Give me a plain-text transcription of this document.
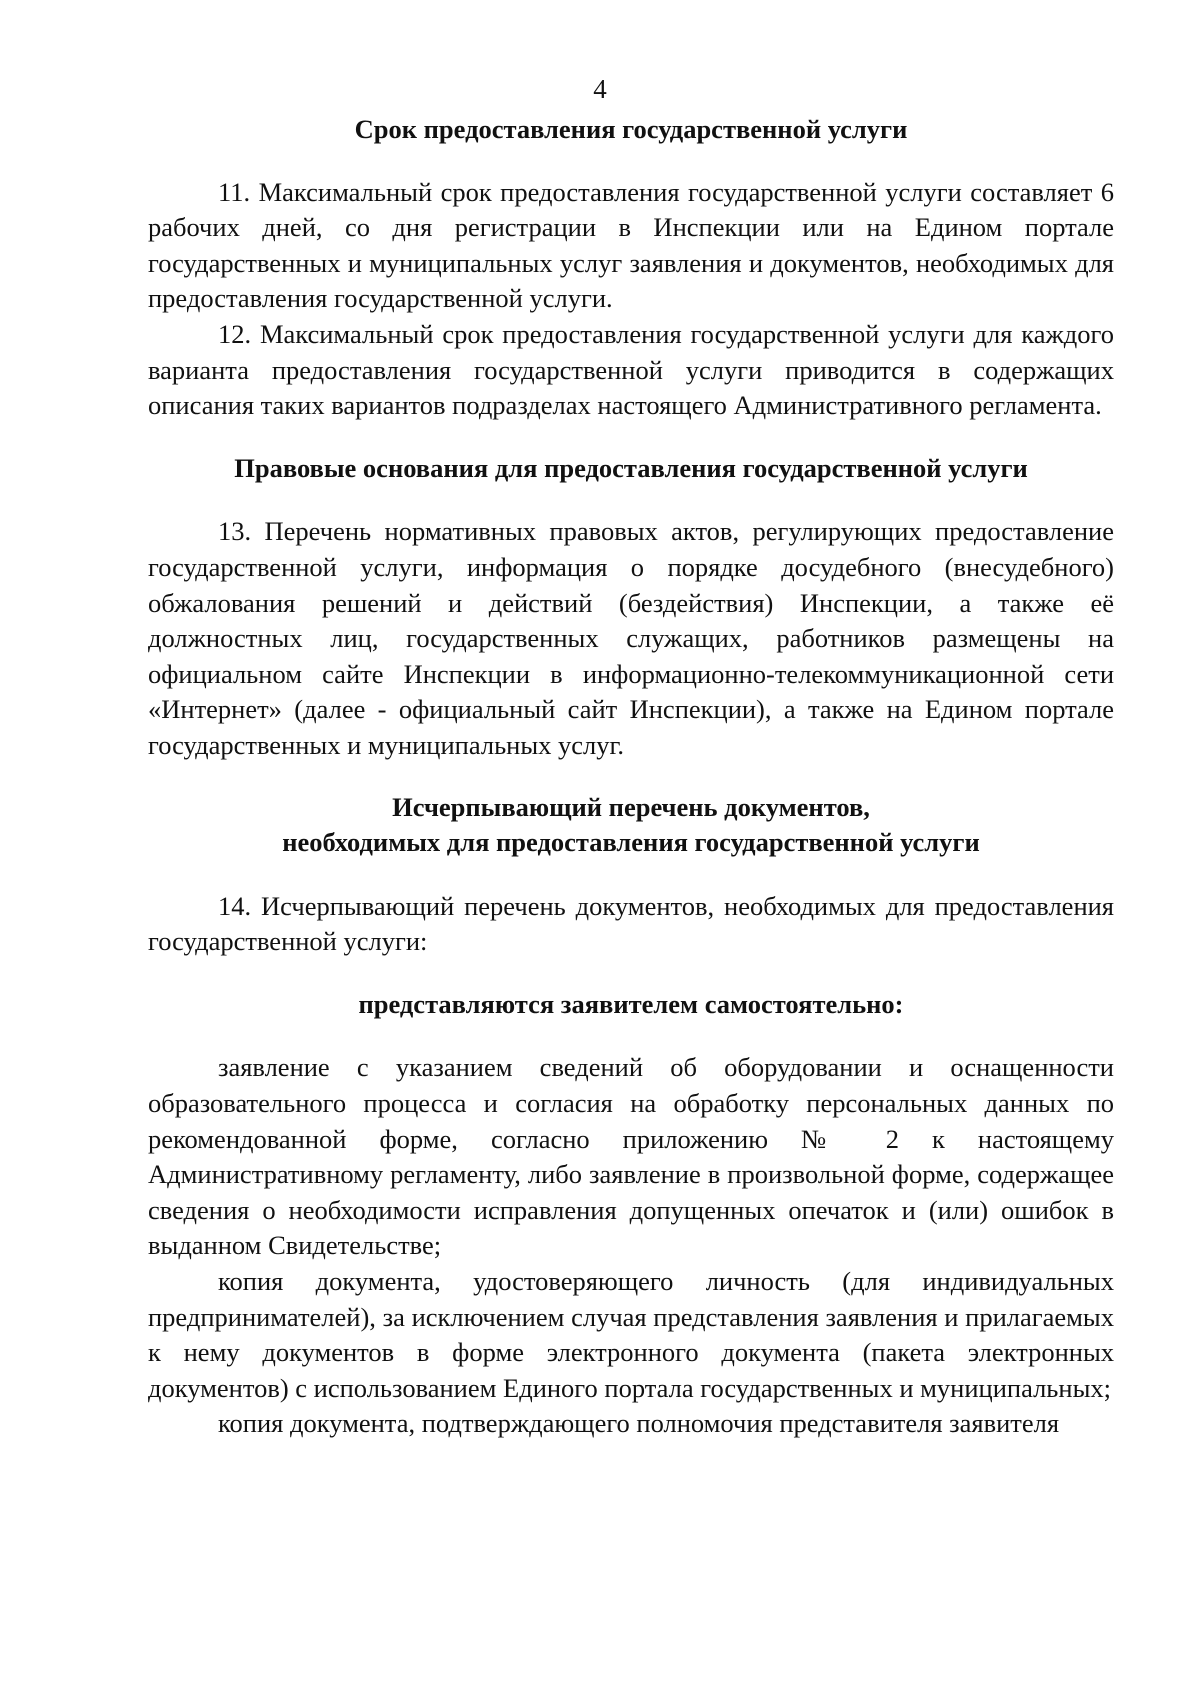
4

Срок предоставления государственной услуги

11. Максимальный срок предоставления государственной услуги составляет 6 рабочих дней, со дня регистрации в Инспекции или на Едином портале государственных и муниципальных услуг заявления и документов, необходимых для предоставления государственной услуги.

12. Максимальный срок предоставления государственной услуги для каждого варианта предоставления государственной услуги приводится в содержащих описания таких вариантов подразделах настоящего Административного регламента.

Правовые основания для предоставления государственной услуги

13. Перечень нормативных правовых актов, регулирующих предоставление государственной услуги, информация о порядке досудебного (внесудебного) обжалования решений и действий (бездействия) Инспекции, а также её должностных лиц, государственных служащих, работников размещены на официальном сайте Инспекции в информационно-телекоммуникационной сети «Интернет» (далее - официальный сайт Инспекции), а также на Едином портале государственных и муниципальных услуг.

Исчерпывающий перечень документов,
необходимых для предоставления государственной услуги

14. Исчерпывающий перечень документов, необходимых для предоставления государственной услуги:

представляются заявителем самостоятельно:

заявление с указанием сведений об оборудовании и оснащенности образовательного процесса и согласия на обработку персональных данных по рекомендованной форме, согласно приложению № 2 к настоящему Административному регламенту, либо заявление в произвольной форме, содержащее сведения о необходимости исправления допущенных опечаток и (или) ошибок в выданном Свидетельстве;

копия документа, удостоверяющего личность (для индивидуальных предпринимателей), за исключением случая представления заявления и прилагаемых к нему документов в форме электронного документа (пакета электронных документов) с использованием Единого портала государственных и муниципальных;

копия документа, подтверждающего полномочия представителя заявителя
